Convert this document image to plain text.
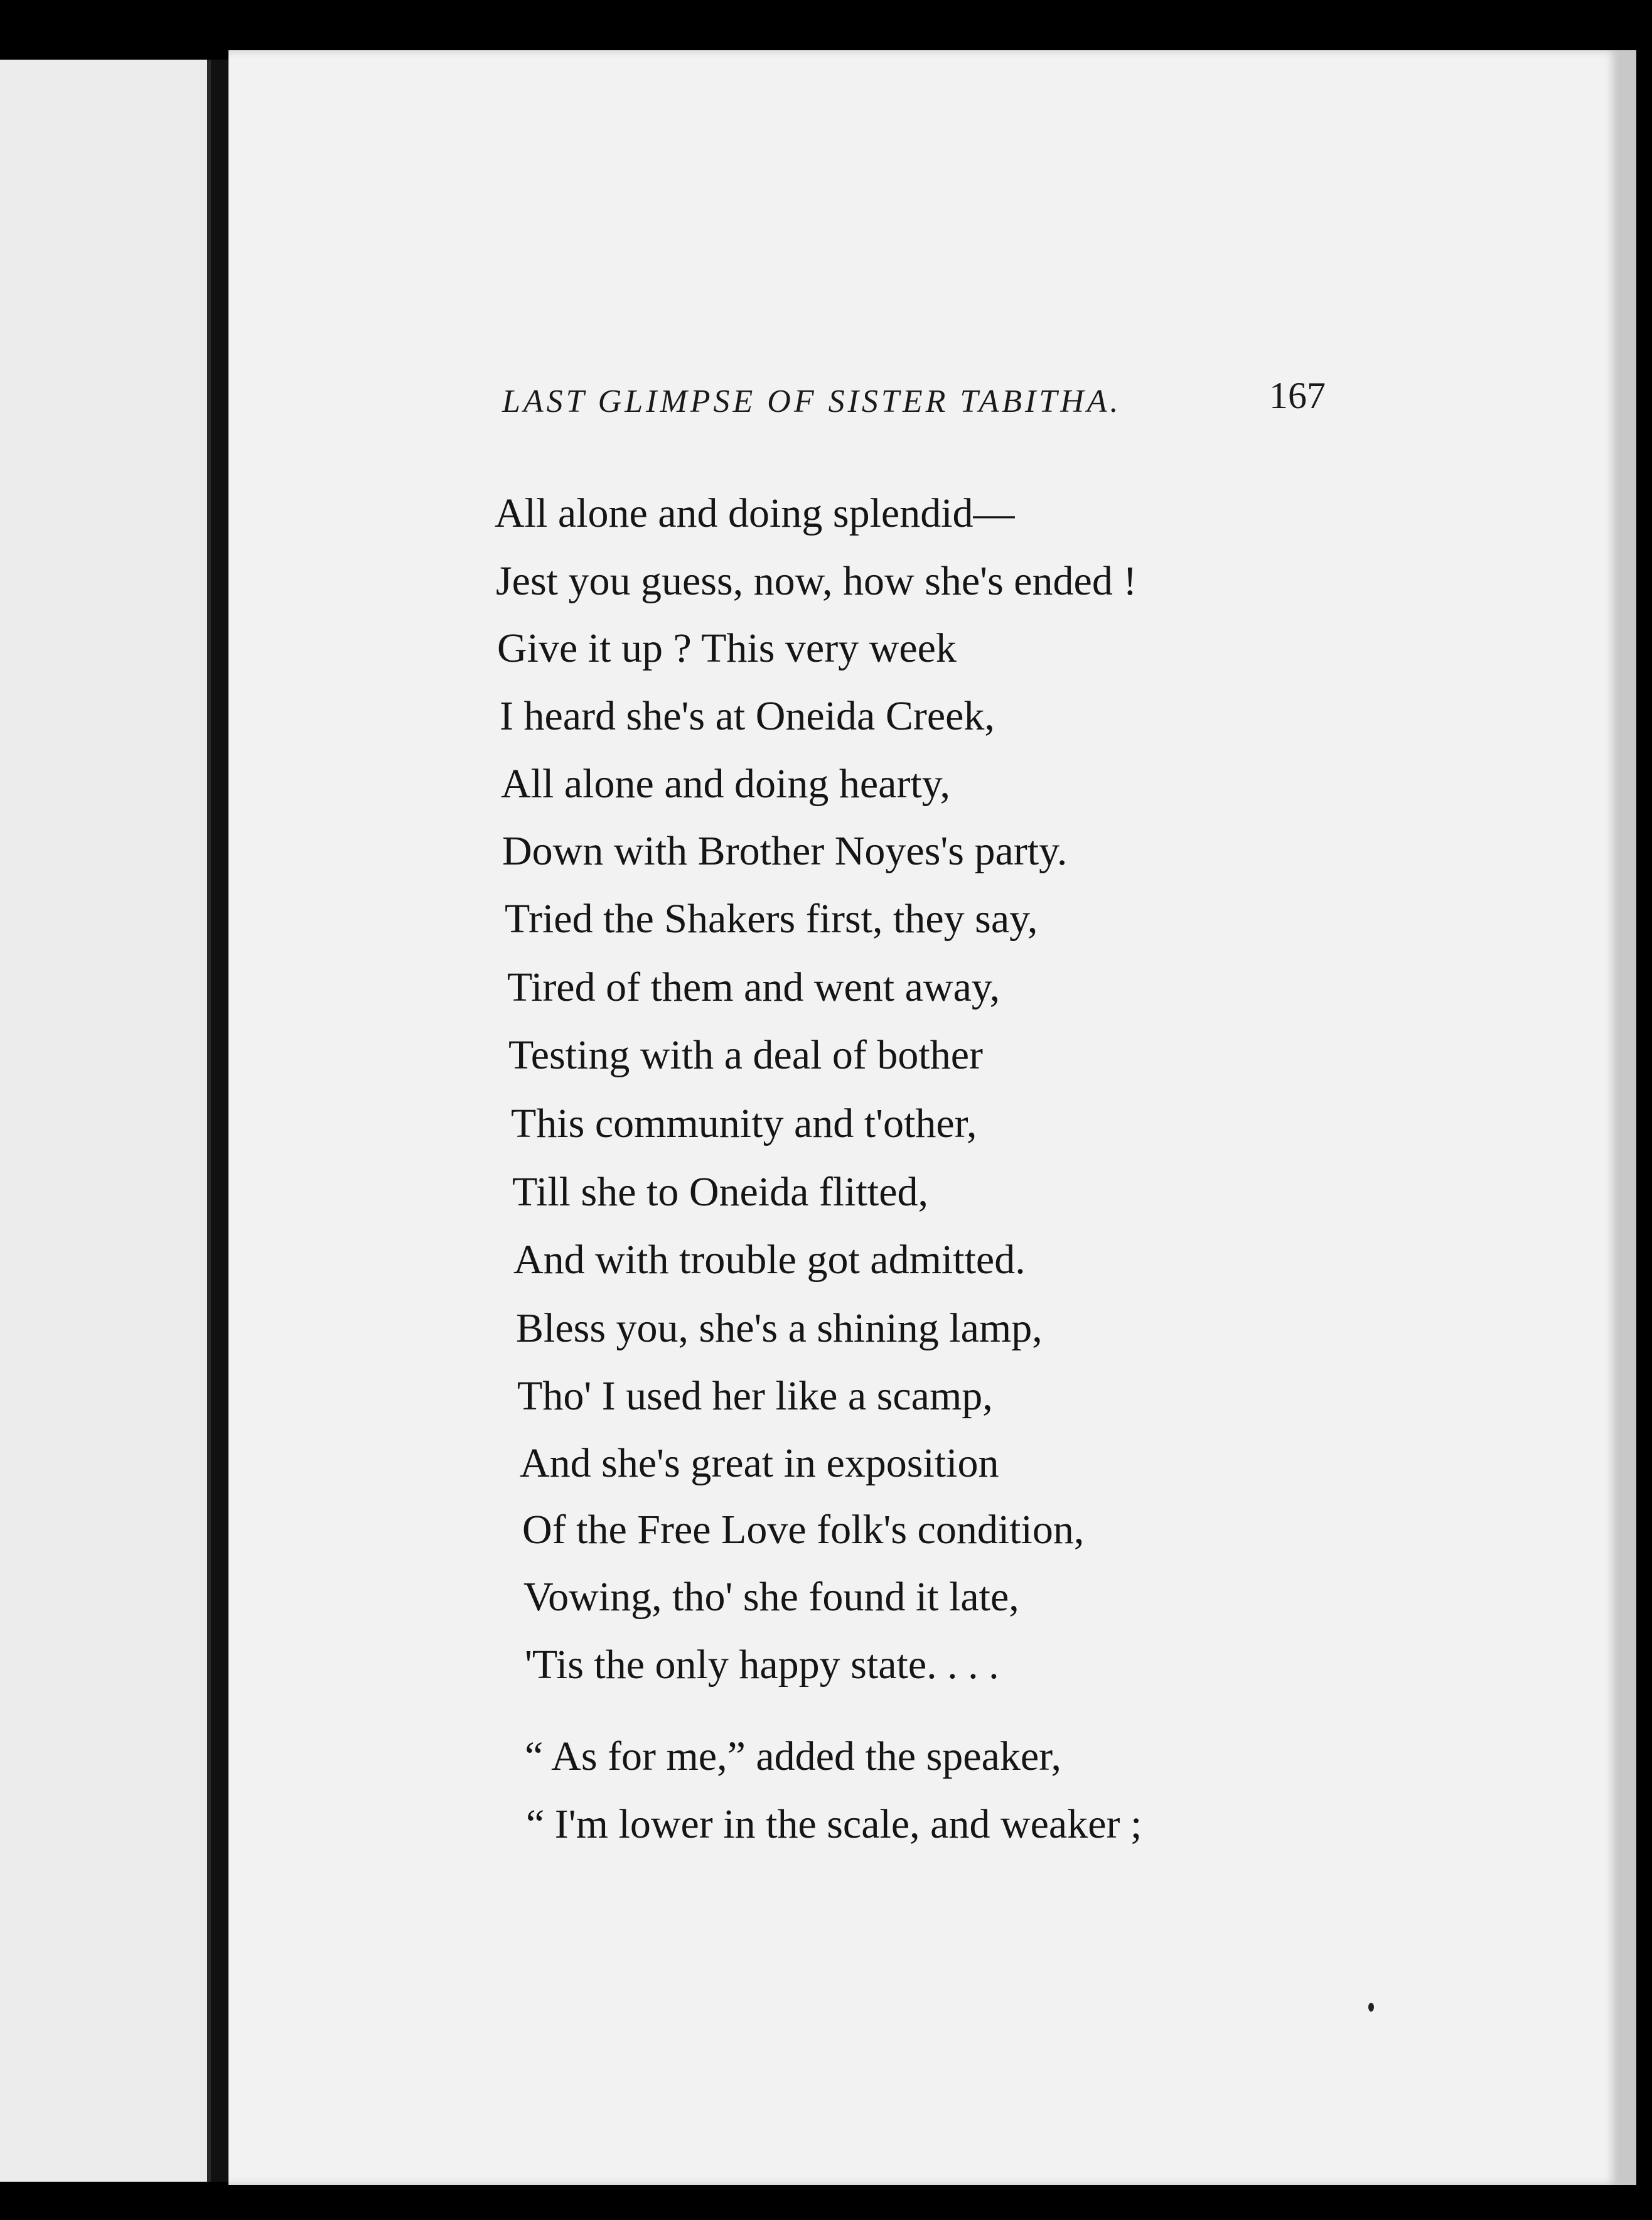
LAST GLIMPSE OF SISTER TABITHA.	167
All alone and doing splendid—
Jest you guess, now, how she's ended !
Give it up ? This very week
I heard she's at Oneida Creek,
All alone and doing hearty,
Down with Brother Noyes's party.
Tried the Shakers first, they say,
Tired of them and went away,
Testing with a deal of bother
This community and t'other,
Till she to Oneida flitted,
And with trouble got admitted.
Bless you, she's a shining lamp,
Tho' I used her like a scamp,
And she's great in exposition
Of the Free Love folk's condition,
Vowing, tho' she found it late,
'Tis the only happy state. . . .
“ As for me,” added the speaker,
“ I'm lower in the scale, and weaker ;
